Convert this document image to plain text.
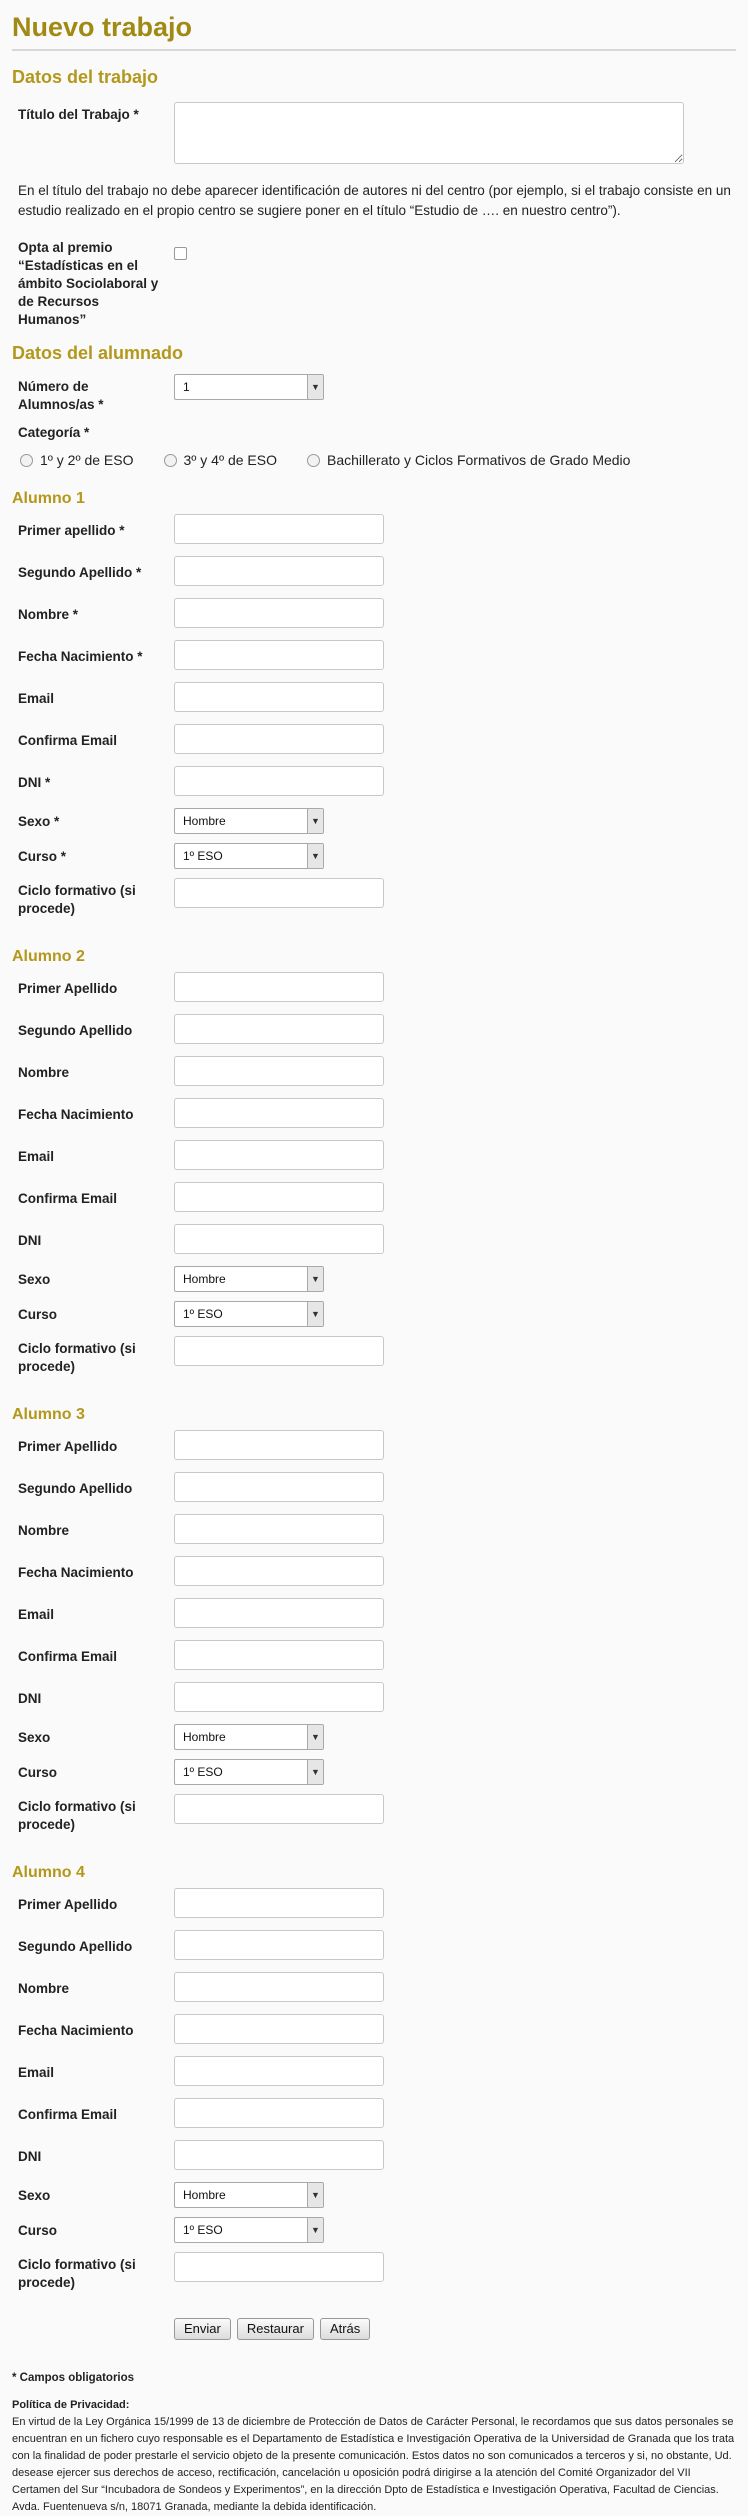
Nuevo trabajo
Datos del trabajo
Título del Trabajo *
En el título del trabajo no debe aparecer identificación de autores ni del centro (por ejemplo, si el trabajo consiste en un estudio realizado en el propio centro se sugiere poner en el título “Estudio de …. en nuestro centro”).
Opta al premio “Estadísticas en el ámbito Sociolaboral y de Recursos Humanos”
Datos del alumnado
Número de Alumnos/as *
1	▼
Categoría *
1º y 2º de ESO	3º y 4º de ESO	Bachillerato y Ciclos Formativos de Grado Medio
Alumno 1
Primer apellido *
Segundo Apellido *
Nombre *
Fecha Nacimiento *
Email
Confirma Email
DNI *
Sexo *	Hombre	▼
Curso *	1º ESO	▼
Ciclo formativo (si procede)
Alumno 2
Primer Apellido
Segundo Apellido
Nombre
Fecha Nacimiento
Email
Confirma Email
DNI
Sexo	Hombre	▼
Curso	1º ESO	▼
Ciclo formativo (si procede)
Alumno 3
Primer Apellido
Segundo Apellido
Nombre
Fecha Nacimiento
Email
Confirma Email
DNI
Sexo	Hombre	▼
Curso	1º ESO	▼
Ciclo formativo (si procede)
Alumno 4
Primer Apellido
Segundo Apellido
Nombre
Fecha Nacimiento
Email
Confirma Email
DNI
Sexo	Hombre	▼
Curso	1º ESO	▼
Ciclo formativo (si procede)
Enviar Restaurar Atrás
* Campos obligatorios
Política de Privacidad:
En virtud de la Ley Orgánica 15/1999 de 13 de diciembre de Protección de Datos de Carácter Personal, le recordamos que sus datos personales se encuentran en un fichero cuyo responsable es el Departamento de Estadística e Investigación Operativa de la Universidad de Granada que los trata con la finalidad de poder prestarle el servicio objeto de la presente comunicación. Estos datos no son comunicados a terceros y si, no obstante, Ud. desease ejercer sus derechos de acceso, rectificación, cancelación u oposición podrá dirigirse a la atención del Comité Organizador del VII Certamen del Sur “Incubadora de Sondeos y Experimentos”, en la dirección Dpto de Estadística e Investigación Operativa, Facultad de Ciencias. Avda. Fuentenueva s/n, 18071 Granada, mediante la debida identificación.
